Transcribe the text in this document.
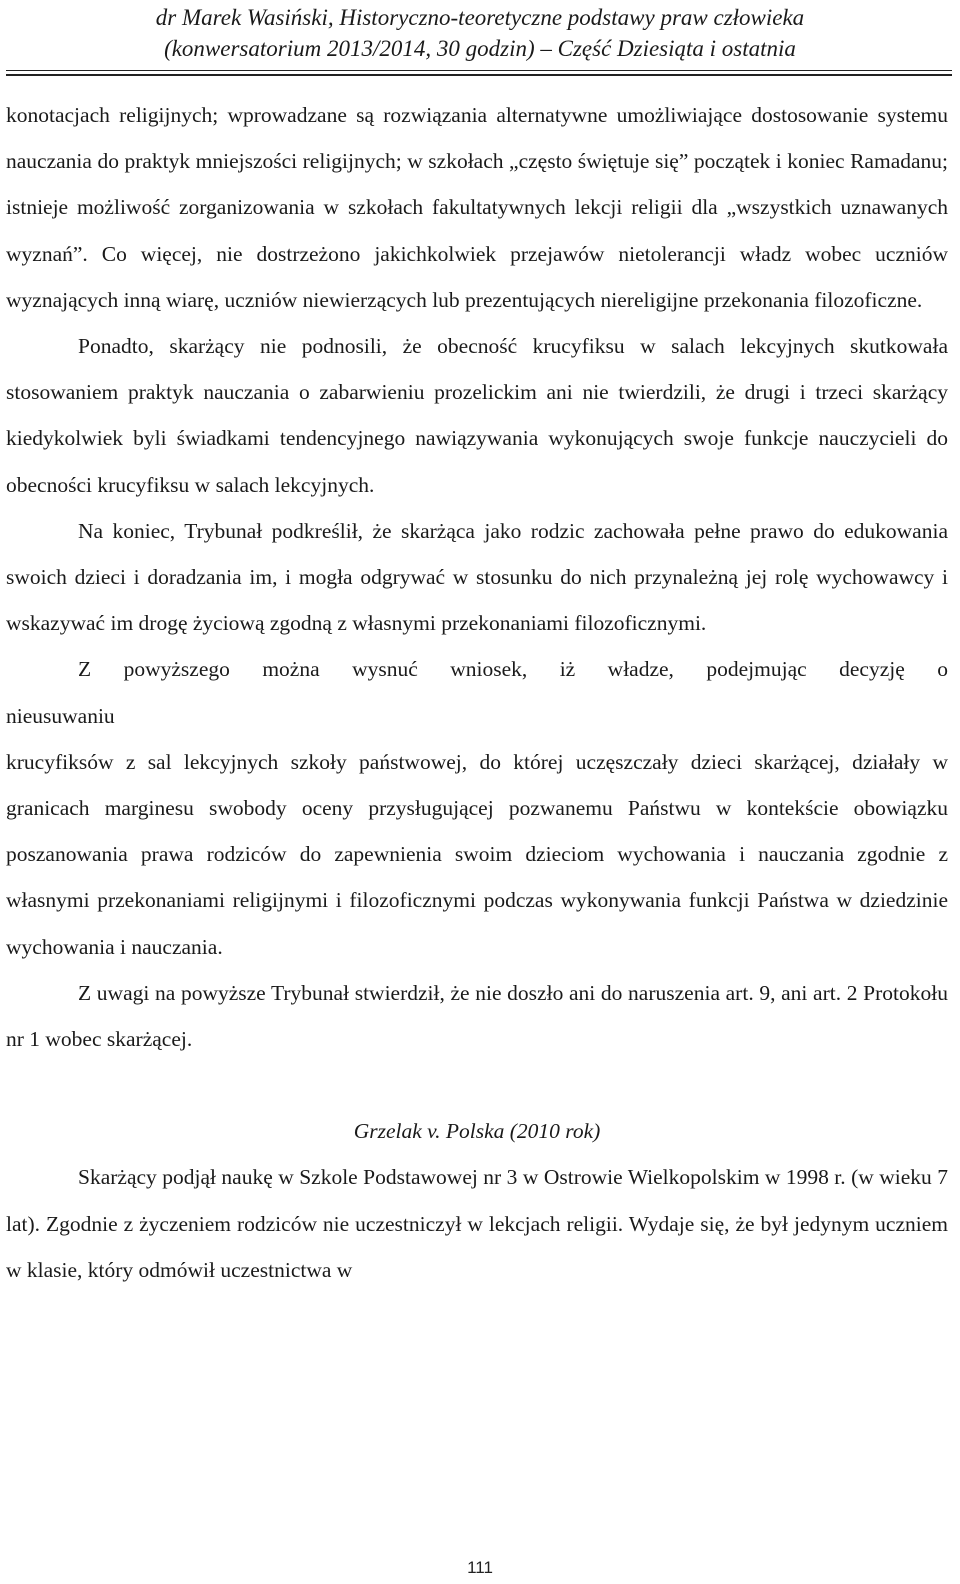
dr Marek Wasiński, Historyczno-teoretyczne podstawy praw człowieka
(konwersatorium 2013/2014, 30 godzin) – Część Dziesiąta i ostatnia

konotacjach religijnych; wprowadzane są rozwiązania alternatywne umożliwiające dostosowanie systemu nauczania do praktyk mniejszości religijnych; w szkołach „często świętuje się” początek i koniec Ramadanu; istnieje możliwość zorganizowania w szkołach fakultatywnych lekcji religii dla „wszystkich uznawanych wyznań”. Co więcej, nie dostrzeżono jakichkolwiek przejawów nietolerancji władz wobec uczniów wyznających inną wiarę, uczniów niewierzących lub prezentujących niereligijne przekonania filozoficzne.

Ponadto, skarżący nie podnosili, że obecność krucyfiksu w salach lekcyjnych skutkowała stosowaniem praktyk nauczania o zabarwieniu prozelickim ani nie twierdzili, że drugi i trzeci skarżący kiedykolwiek byli świadkami tendencyjnego nawiązywania wykonujących swoje funkcje nauczycieli do obecności krucyfiksu w salach lekcyjnych.

Na koniec, Trybunał podkreślił, że skarżąca jako rodzic zachowała pełne prawo do edukowania swoich dzieci i doradzania im, i mogła odgrywać w stosunku do nich przynależną jej rolę wychowawcy i wskazywać im drogę życiową zgodną z własnymi przekonaniami filozoficznymi.

Z powyższego można wysnuć wniosek, iż władze, podejmując decyzję o

nieusuwaniu

krucyfiksów z sal lekcyjnych szkoły państwowej, do której uczęszczały dzieci skarżącej, działały w granicach marginesu swobody oceny przysługującej pozwanemu Państwu w kontekście obowiązku poszanowania prawa rodziców do zapewnienia swoim dzieciom wychowania i nauczania zgodnie z własnymi przekonaniami religijnymi i filozoficznymi podczas wykonywania funkcji Państwa w dziedzinie wychowania i nauczania.

Z uwagi na powyższe Trybunał stwierdził, że nie doszło ani do naruszenia art. 9, ani art. 2 Protokołu nr 1 wobec skarżącej.

Grzelak v. Polska (2010 rok)

Skarżący podjął naukę w Szkole Podstawowej nr 3 w Ostrowie Wielkopolskim w 1998 r. (w wieku 7 lat). Zgodnie z życzeniem rodziców nie uczestniczył w lekcjach religii. Wydaje się, że był jedynym uczniem w klasie, który odmówił uczestnictwa w

111
